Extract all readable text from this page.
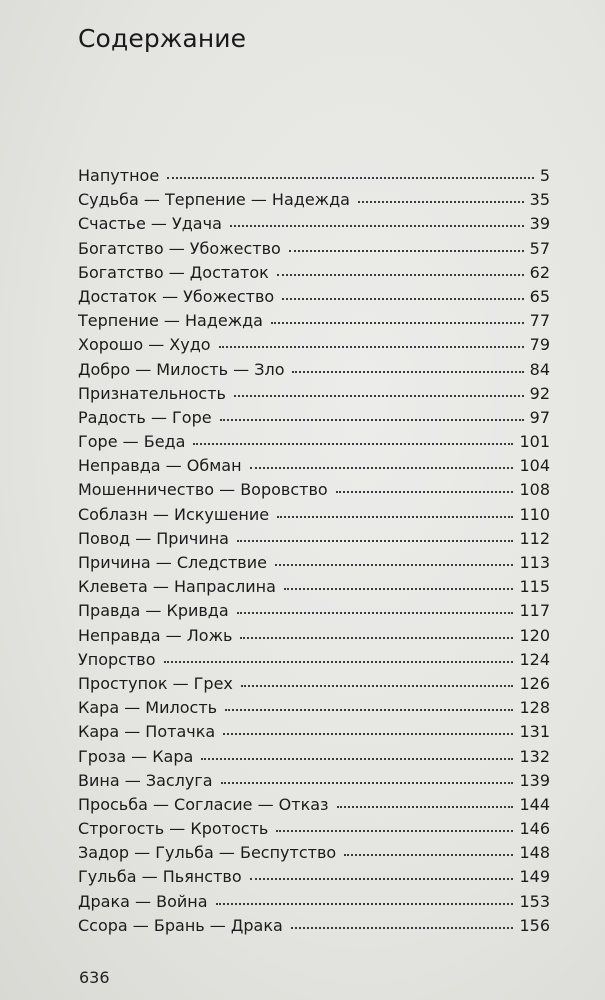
Содержание
Напутное	5
Судьба — Терпение — Надежда	35
Счастье — Удача	39
Богатство — Убожество	57
Богатство — Достаток	62
Достаток — Убожество	65
Терпение — Надежда	77
Хорошо — Худо	79
Добро — Милость — Зло	84
Признательность	92
Радость — Горе	97
Горе — Беда	101
Неправда — Обман	104
Мошенничество — Воровство	108
Соблазн — Искушение	110
Повод — Причина	112
Причина — Следствие	113
Клевета — Напраслина	115
Правда — Кривда	117
Неправда — Ложь	120
Упорство	124
Проступок — Грех	126
Кара — Милость	128
Кара — Потачка	131
Гроза — Кара	132
Вина — Заслуга	139
Просьба — Согласие — Отказ	144
Строгость — Кротость	146
Задор — Гульба — Беспутство	148
Гульба — Пьянство	149
Драка — Война	153
Ссора — Брань — Драка	156
636
